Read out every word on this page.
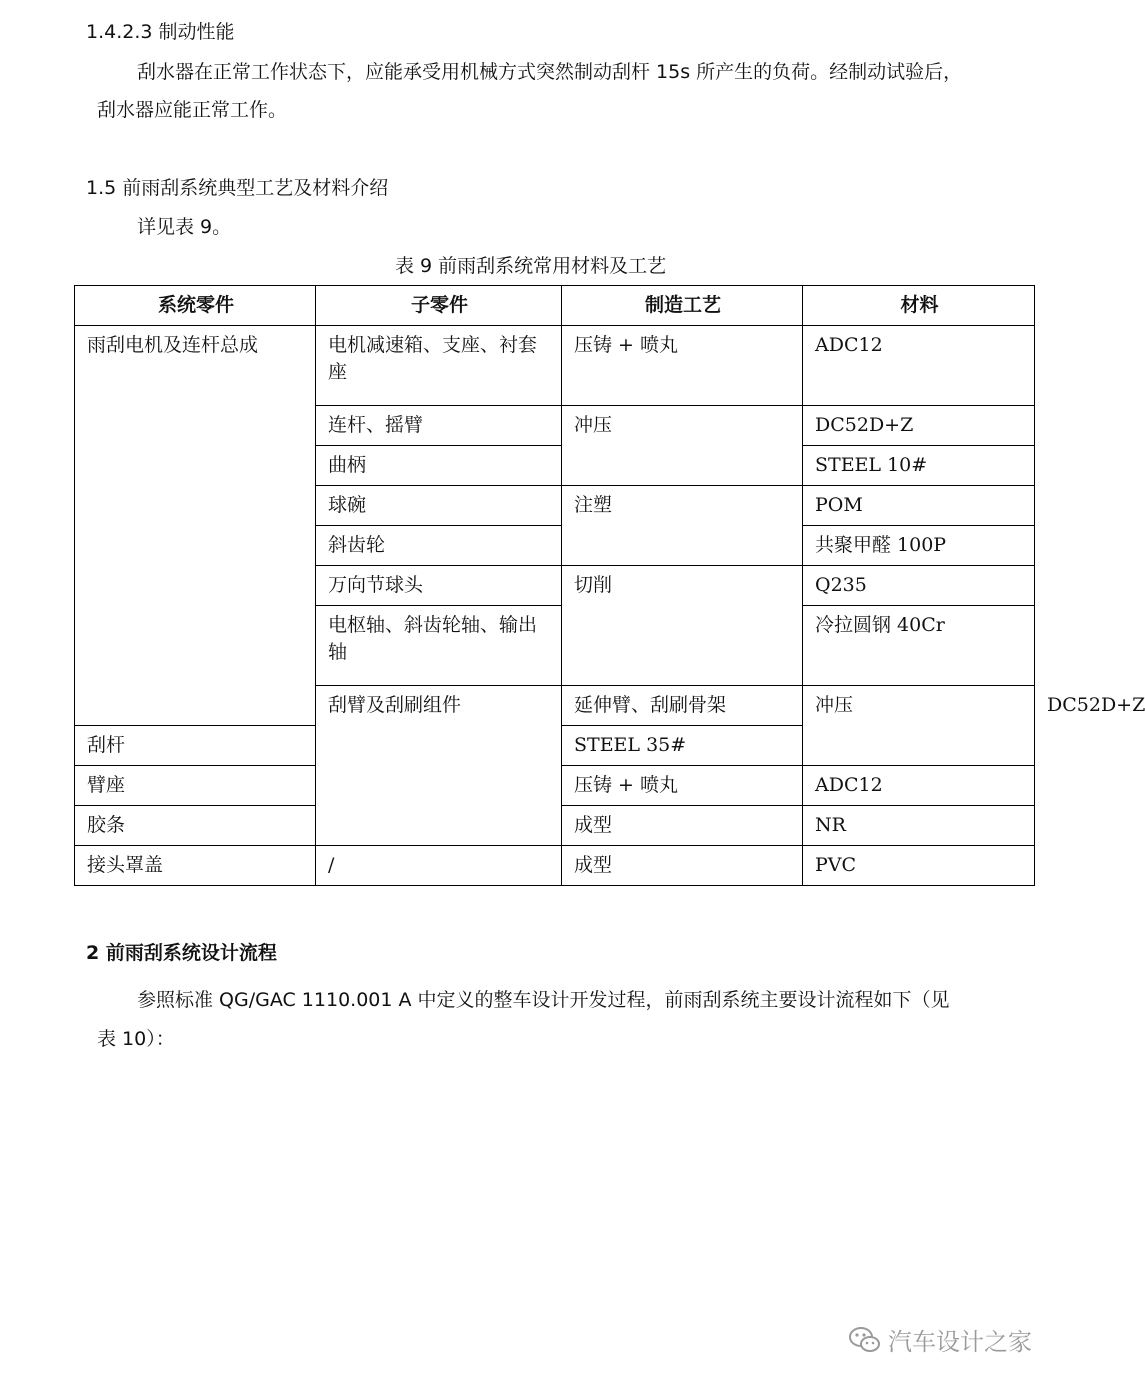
1.4.2.3 制动性能
刮水器在正常工作状态下，应能承受用机械方式突然制动刮杆 15s 所产生的负荷。经制动试验后，
刮水器应能正常工作。
1.5 前雨刮系统典型工艺及材料介绍
详见表 9。
表 9 前雨刮系统常用材料及工艺
系统零件	子零件	制造工艺	材料	
雨刮电机及连杆总成	电机减速箱、支座、衬套座	压铸 + 喷丸	ADC12	
	连杆、摇臂	冲压	DC52D+Z	
	曲柄		STEEL 10#	
	球碗	注塑	POM	
	斜齿轮		共聚甲醛 100P	
	万向节球头	切削	Q235	
	电枢轴、斜齿轮轴、输出轴		冷拉圆钢 40Cr	
	刮臂及刮刷组件	延伸臂、刮刷骨架	冲压	DC52D+Z
刮杆		STEEL 35#		
臂座		压铸 + 喷丸	ADC12	
胶条		成型	NR	
接头罩盖	/	成型	PVC	
2 前雨刮系统设计流程
参照标准 QG/GAC 1110.001 A 中定义的整车设计开发过程，前雨刮系统主要设计流程如下（见
表 10）：
汽车设计之家
